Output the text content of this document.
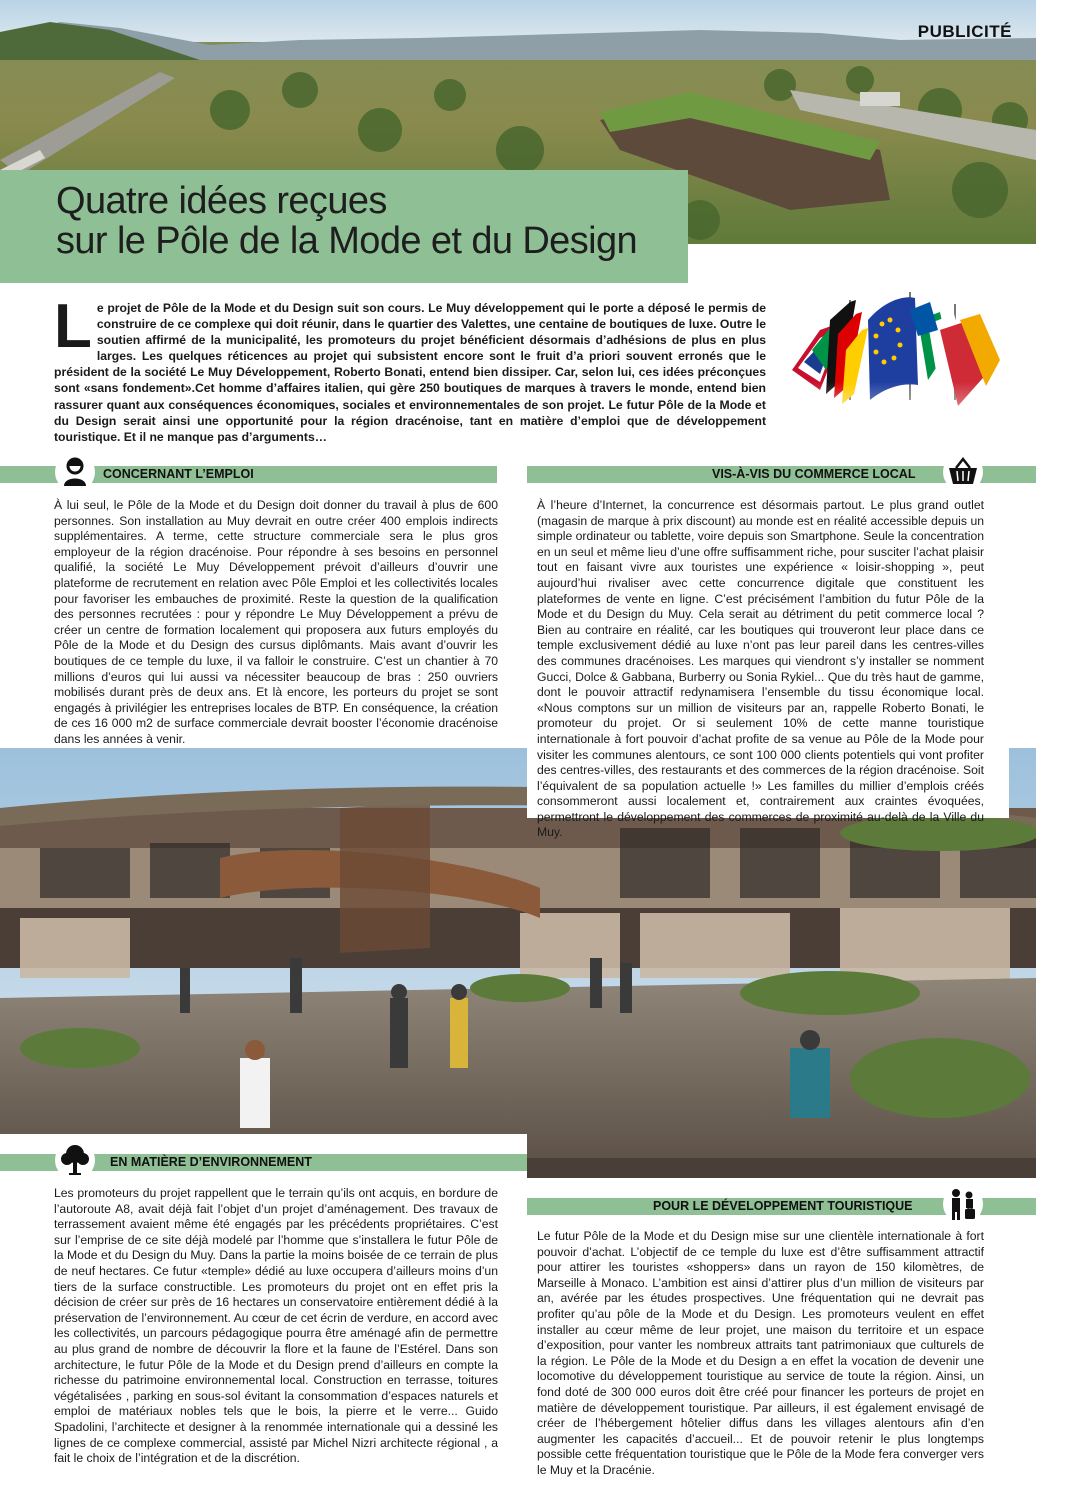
PUBLICITÉ
Quatre idées reçues
sur le Pôle de la Mode et du Design
Le projet de Pôle de la Mode et du Design suit son cours. Le Muy développement qui le porte a déposé le permis de construire de ce complexe qui doit réunir, dans le quartier des Valettes, une centaine de boutiques de luxe. Outre le soutien affirmé de la municipalité, les promoteurs du projet bénéficient désormais d’adhésions de plus en plus larges. Les quelques réticences au projet qui subsistent encore sont le fruit d’a priori souvent erronés que le président de la société Le Muy Développement, Roberto Bonati, entend bien dissiper. Car, selon lui, ces idées préconçues sont «sans fondement».Cet homme d’affaires italien, qui gère 250 boutiques de marques à travers le monde, entend bien rassurer quant aux conséquences économiques, sociales et environnementales de son projet. Le futur Pôle de la Mode et du Design serait ainsi une opportunité pour la région dracénoise, tant en matière d’emploi que de développement touristique. Et il ne manque pas d’arguments…
CONCERNANT L’EMPLOI
À lui seul, le Pôle de la Mode et du Design doit donner du travail à plus de 600 personnes. Son installation au Muy devrait en outre créer 400 emplois indirects supplémentaires. A terme, cette structure commerciale sera le plus gros employeur de la région dracénoise. Pour répondre à ses besoins en personnel qualifié, la société Le Muy Développement prévoit d’ailleurs d’ouvrir une plateforme de recrutement en relation avec Pôle Emploi et les collectivités locales pour favoriser les embauches de proximité. Reste la question de la qualification des personnes recrutées : pour y répondre Le Muy Développement a prévu de créer un centre de formation localement qui proposera aux futurs employés du Pôle de la Mode et du Design des cursus diplômants. Mais avant d’ouvrir les boutiques de ce temple du luxe, il va falloir le construire. C’est un chantier à 70 millions d’euros qui lui aussi va nécessiter beaucoup de bras : 250 ouvriers mobilisés durant près de deux ans. Et là encore, les porteurs du projet se sont engagés à privilégier les entreprises locales de BTP. En conséquence, la création de ces 16 000 m2 de surface commerciale devrait booster l’économie dracénoise dans les années à venir.
VIS-À-VIS DU COMMERCE LOCAL
À l’heure d’Internet, la concurrence est désormais partout. Le plus grand outlet (magasin de marque à prix discount) au monde est en réalité accessible depuis un simple ordinateur ou tablette, voire depuis son Smartphone. Seule la concentration en un seul et même lieu d’une offre suffisamment riche, pour susciter l’achat plaisir tout en faisant vivre aux touristes une expérience « loisir-shopping », peut aujourd’hui rivaliser avec cette concurrence digitale que constituent les plateformes de vente en ligne. C’est précisément l’ambition du futur Pôle de la Mode et du Design du Muy. Cela serait au détriment du petit commerce local ? Bien au contraire en réalité, car les boutiques qui trouveront leur place dans ce temple exclusivement dédié au luxe n’ont pas leur pareil dans les centres-villes des communes dracénoises. Les marques qui viendront s’y installer se nomment Gucci, Dolce & Gabbana, Burberry ou Sonia Rykiel... Que du très haut de gamme, dont le pouvoir attractif redynamisera l’ensemble du tissu économique local. «Nous comptons sur un million de visiteurs par an, rappelle Roberto Bonati, le promoteur du projet. Or si seulement 10% de cette manne touristique internationale à fort pouvoir d’achat profite de sa venue au Pôle de la Mode pour visiter les communes alentours, ce sont 100 000 clients potentiels qui vont profiter des centres-villes, des restaurants et des commerces de la région dracénoise. Soit l’équivalent de sa population actuelle !» Les familles du millier d’emplois créés consommeront aussi localement et, contrairement aux craintes évoquées, permettront le développement des commerces de proximité au-delà de la Ville du Muy.
EN MATIÈRE D’ENVIRONNEMENT
Les promoteurs du projet rappellent que le terrain qu’ils ont acquis, en bordure de l’autoroute A8, avait déjà fait l’objet d’un projet d’aménagement. Des travaux de terrassement avaient même été engagés par les précédents propriétaires. C’est sur l’emprise de ce site déjà modelé par l’homme que s’installera le futur Pôle de la Mode et du Design du Muy. Dans la partie la moins boisée de ce terrain de plus de neuf hectares. Ce futur «temple» dédié au luxe occupera d’ailleurs moins d’un tiers de la surface constructible. Les promoteurs du projet ont en effet pris la décision de créer sur près de 16 hectares un conservatoire entièrement dédié à la préservation de l’environnement. Au cœur de cet écrin de verdure, en accord avec les collectivités, un parcours pédagogique pourra être aménagé afin de permettre au plus grand de nombre de découvrir la flore et la faune de l’Estérel. Dans son architecture, le futur Pôle de la Mode et du Design prend d’ailleurs en compte la richesse du patrimoine environnemental local. Construction en terrasse, toitures végétalisées , parking en sous-sol évitant la consommation d’espaces naturels et emploi de matériaux nobles tels que le bois, la pierre et le verre... Guido Spadolini, l’architecte et designer à la renommée internationale qui a dessiné les lignes de ce complexe commercial, assisté par Michel Nizri architecte régional , a fait le choix de l’intégration et de la discrétion.
POUR LE DÉVELOPPEMENT TOURISTIQUE
Le futur Pôle de la Mode et du Design mise sur une clientèle internationale à fort pouvoir d’achat. L’objectif de ce temple du luxe est d’être suffisamment attractif pour attirer les touristes «shoppers» dans un rayon de 150 kilomètres, de Marseille à Monaco. L’ambition est ainsi d’attirer plus d’un million de visiteurs par an, avérée par les études prospectives. Une fréquentation qui ne devrait pas profiter qu’au pôle de la Mode et du Design. Les promoteurs veulent en effet installer au cœur même de leur projet, une maison du territoire et un espace d’exposition, pour vanter les nombreux attraits tant patrimoniaux que culturels de la région. Le Pôle de la Mode et du Design a en effet la vocation de devenir une locomotive du développement touristique au service de toute la région. Ainsi, un fond doté de 300 000 euros doit être créé pour financer les porteurs de projet en matière de développement touristique. Par ailleurs, il est également envisagé de créer de l’hébergement hôtelier diffus dans les villages alentours afin d’en augmenter les capacités d’accueil... Et de pouvoir retenir le plus longtemps possible cette fréquentation touristique que le Pôle de la Mode fera converger vers le Muy et la Dracénie.
